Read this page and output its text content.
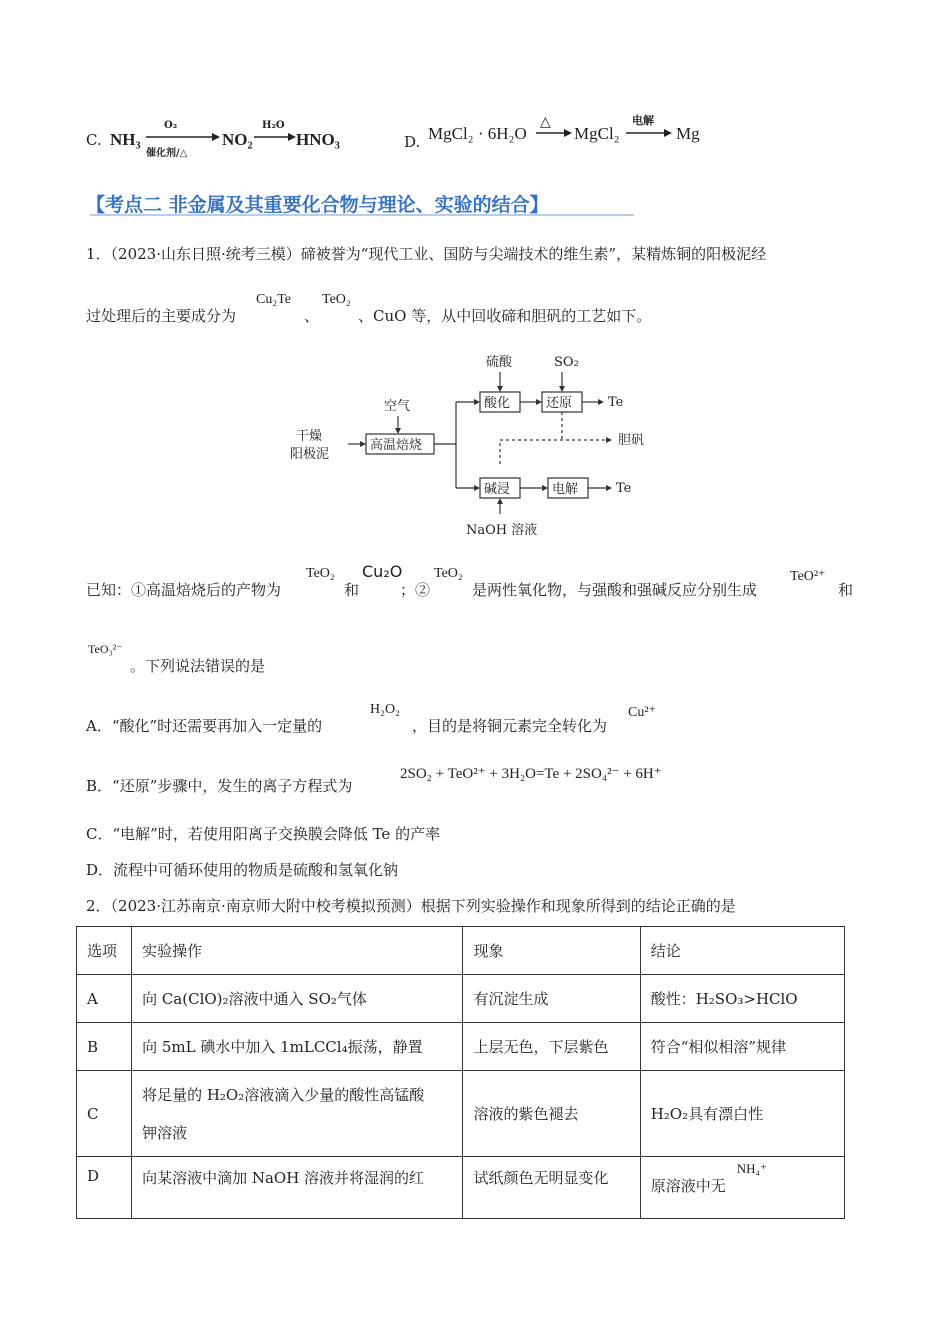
C. NH₃
O₂
催化剂/△
NO₂
H₂O
HNO₃	D. MgCl₂ · 6H₂O
△
MgCl₂
电解
Mg
【考点二 非金属及其重要化合物与理论、实验的结合】
1．（2023·山东日照·统考三模）碲被誉为“现代工业、国防与尖端技术的维生素”，某精炼铜的阳极泥经
过处理后的主要成分为
Cu₂Te
、
TeO₂
、CuO 等，从中回收碲和胆矾的工艺如下。
干燥
阳极泥
空气
高温焙烧
硫酸
酸化
SO₂
还原	Te
胆矾
碱浸	电解	Te
NaOH 溶液
已知：①高温焙烧后的产物为
TeO₂
和
Cu₂O
；②
TeO₂
是两性氧化物，与强酸和强碱反应分别生成
TeO²⁺
和
TeO₃²⁻
。下列说法错误的是
A．“酸化”时还需要再加入一定量的
H₂O₂
，目的是将铜元素完全转化为
Cu²⁺
B．“还原”步骤中，发生的离子方程式为
2SO₂ + TeO²⁺ + 3H₂O=Te + 2SO₄²⁻ + 6H⁺
C．“电解”时，若使用阳离子交换膜会降低 Te 的产率
D．流程中可循环使用的物质是硫酸和氢氧化钠
2．（2023·江苏南京·南京师大附中校考模拟预测）根据下列实验操作和现象所得到的结论正确的是
选项	实验操作	现象	结论
A	向 Ca(ClO)₂溶液中通入 SO₂气体	有沉淀生成	酸性：H₂SO₃>HClO
B	向 5mL 碘水中加入 1mLCCl₄振荡，静置	上层无色，下层紫色	符合“相似相溶”规律
C	将足量的 H₂O₂溶液滴入少量的酸性高锰酸
钾溶液	溶液的紫色褪去	H₂O₂具有漂白性
D	向某溶液中滴加 NaOH 溶液并将湿润的红	试纸颜色无明显变化	原溶液中无
NH₄⁺
